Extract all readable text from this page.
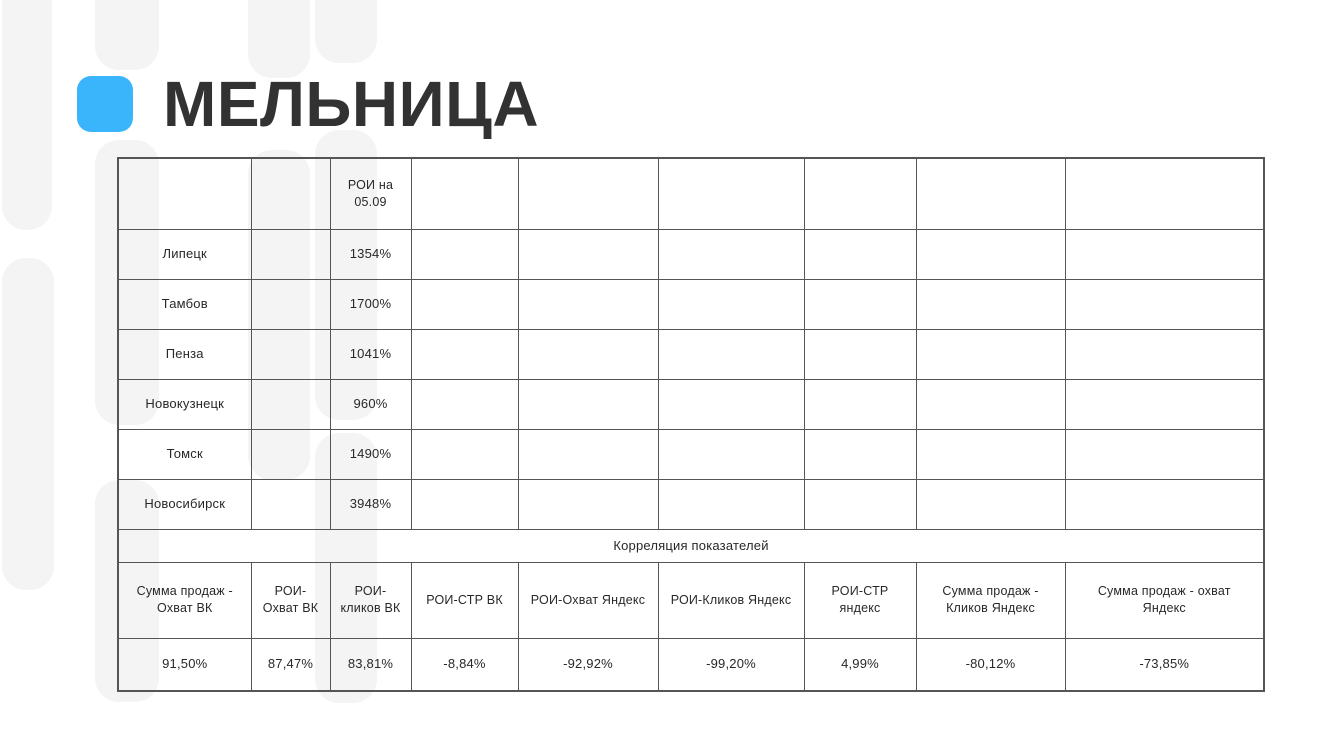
МЕЛЬНИЦА
		РОИ на 05.09						
Липецк		1354%						
Тамбов		1700%						
Пенза		1041%						
Новокузнецк		960%						
Томск		1490%						
Новосибирск		3948%						
Корреляция показателей								
Сумма продаж - Охват ВК	РОИ-Охват ВК	РОИ-кликов ВК	РОИ-СТР ВК	РОИ-Охват Яндекс	РОИ-Кликов Яндекс	РОИ-СТР яндекс	Сумма продаж - Кликов Яндекс	Сумма продаж - охват Яндекс
91,50%	87,47%	83,81%	-8,84%	-92,92%	-99,20%	4,99%	-80,12%	-73,85%
